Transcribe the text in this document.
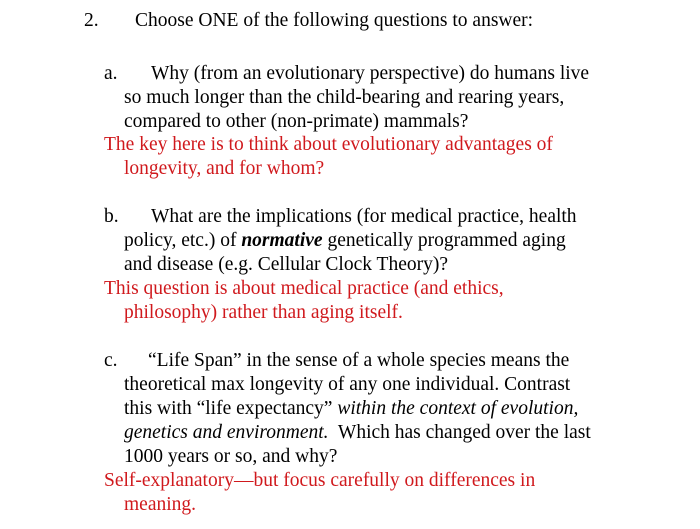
2. Choose ONE of the following questions to answer:
a. Why (from an evolutionary perspective) do humans live
so much longer than the child-bearing and rearing years,
compared to other (non-primate) mammals?
The key here is to think about evolutionary advantages of
longevity, and for whom?
b. What are the implications (for medical practice, health
policy, etc.) of normative genetically programmed aging
and disease (e.g. Cellular Clock Theory)?
This question is about medical practice (and ethics,
philosophy) rather than aging itself.
c. “Life Span” in the sense of a whole species means the
theoretical max longevity of any one individual. Contrast
this with “life expectancy” within the context of evolution,
genetics and environment. Which has changed over the last
1000 years or so, and why?
Self-explanatory—but focus carefully on differences in
meaning.
